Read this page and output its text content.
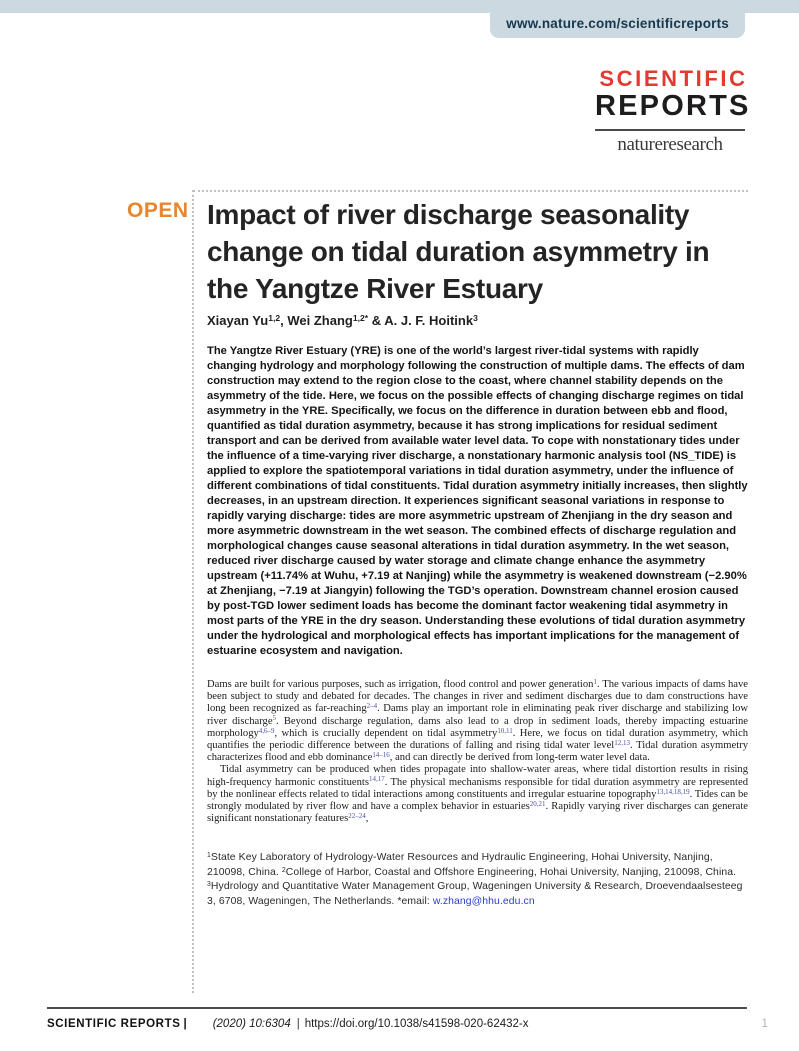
www.nature.com/scientificreports
SCIENTIFIC
REPORTS
natureresearch
OPEN Impact of river discharge seasonality change on tidal duration asymmetry in the Yangtze River Estuary
Xiayan Yu$^{1,2}$, Wei Zhang$^{1,2*}$ & A. J. F. Hoitink$^3$
The Yangtze River Estuary (YRE) is one of the world’s largest river-tidal systems with rapidly changing hydrology and morphology following the construction of multiple dams. The effects of dam construction may extend to the region close to the coast, where channel stability depends on the asymmetry of the tide. Here, we focus on the possible effects of changing discharge regimes on tidal asymmetry in the YRE. Specifically, we focus on the difference in duration between ebb and flood, quantified as tidal duration asymmetry, because it has strong implications for residual sediment transport and can be derived from available water level data. To cope with nonstationary tides under the influence of a time-varying river discharge, a nonstationary harmonic analysis tool (NS_TIDE) is applied to explore the spatiotemporal variations in tidal duration asymmetry, under the influence of different combinations of tidal constituents. Tidal duration asymmetry initially increases, then slightly decreases, in an upstream direction. It experiences significant seasonal variations in response to rapidly varying discharge: tides are more asymmetric upstream of Zhenjiang in the dry season and more asymmetric downstream in the wet season. The combined effects of discharge regulation and morphological changes cause seasonal alterations in tidal duration asymmetry. In the wet season, reduced river discharge caused by water storage and climate change enhance the asymmetry upstream (+11.74% at Wuhu, +7.19 at Nanjing) while the asymmetry is weakened downstream (−2.90% at Zhenjiang, −7.19 at Jiangyin) following the TGD’s operation. Downstream channel erosion caused by post-TGD lower sediment loads has become the dominant factor weakening tidal asymmetry in most parts of the YRE in the dry season. Understanding these evolutions of tidal duration asymmetry under the hydrological and morphological effects has important implications for the management of estuarine ecosystem and navigation.

Dams are built for various purposes, such as irrigation, flood control and power generation$^1$. The various impacts of dams have been subject to study and debated for decades. The changes in river and sediment discharges due to dam constructions have long been recognized as far-reaching$^{2-4}$. Dams play an important role in eliminating peak river discharge and stabilizing low river discharge$^5$. Beyond discharge regulation, dams also lead to a drop in sediment loads, thereby impacting estuarine morphology$^{4,6-9}$, which is crucially dependent on tidal asymmetry$^{10,11}$. Here, we focus on tidal duration asymmetry, which quantifies the periodic difference between the durations of falling and rising tidal water level$^{12,13}$. Tidal duration asymmetry characterizes flood and ebb dominance$^{14-16}$, and can directly be derived from long-term water level data.

Tidal asymmetry can be produced when tides propagate into shallow-water areas, where tidal distortion results in rising high-frequency harmonic constituents$^{14,17}$. The physical mechanisms responsible for tidal duration asymmetry are represented by the nonlinear effects related to tidal interactions among constituents and irregular estuarine topography$^{13,14,18,19}$. Tides can be strongly modulated by river flow and have a complex behavior in estuaries$^{20,21}$. Rapidly varying river discharges can generate significant nonstationary features$^{22-24}$,

$^1$State Key Laboratory of Hydrology-Water Resources and Hydraulic Engineering, Hohai University, Nanjing, 210098, China. $^2$College of Harbor, Coastal and Offshore Engineering, Hohai University, Nanjing, 210098, China. $^3$Hydrology and Quantitative Water Management Group, Wageningen University & Research, Droevendaalsesteeg 3, 6708, Wageningen, The Netherlands. *email: w.zhang@hhu.edu.cn
SCIENTIFIC REPORTS | (2020) 10:6304 | https://doi.org/10.1038/s41598-020-62432-x	1
